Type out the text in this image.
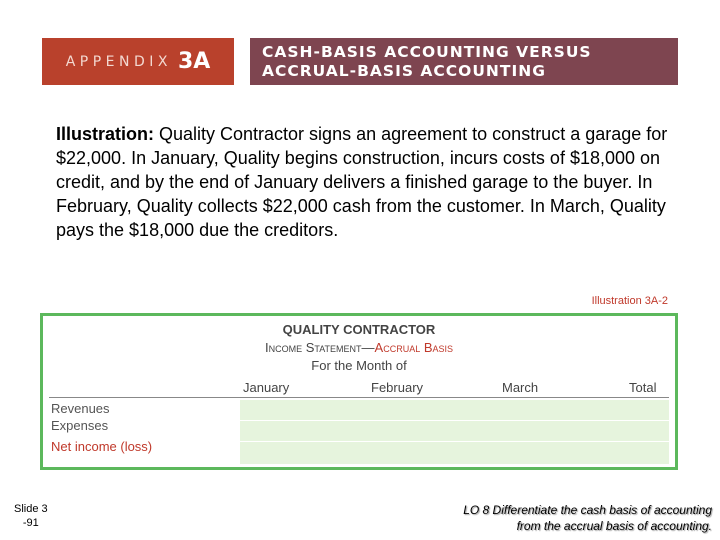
APPENDIX 3A	CASH-BASIS ACCOUNTING VERSUS
ACCRUAL-BASIS ACCOUNTING
Illustration: Quality Contractor signs an agreement to construct a garage for $22,000. In January, Quality begins construction, incurs costs of $18,000 on credit, and by the end of January delivers a finished garage to the buyer. In February, Quality collects $22,000 cash from the customer. In March, Quality pays the $18,000 due the creditors.
Illustration 3A-2
QUALITY CONTRACTOR
Income Statement—Accrual Basis
For the Month of
January	February	March	Total
Revenues
Expenses
Net income (loss)
Slide 3
-91
LO 8 Differentiate the cash basis of accounting
from the accrual basis of accounting.
